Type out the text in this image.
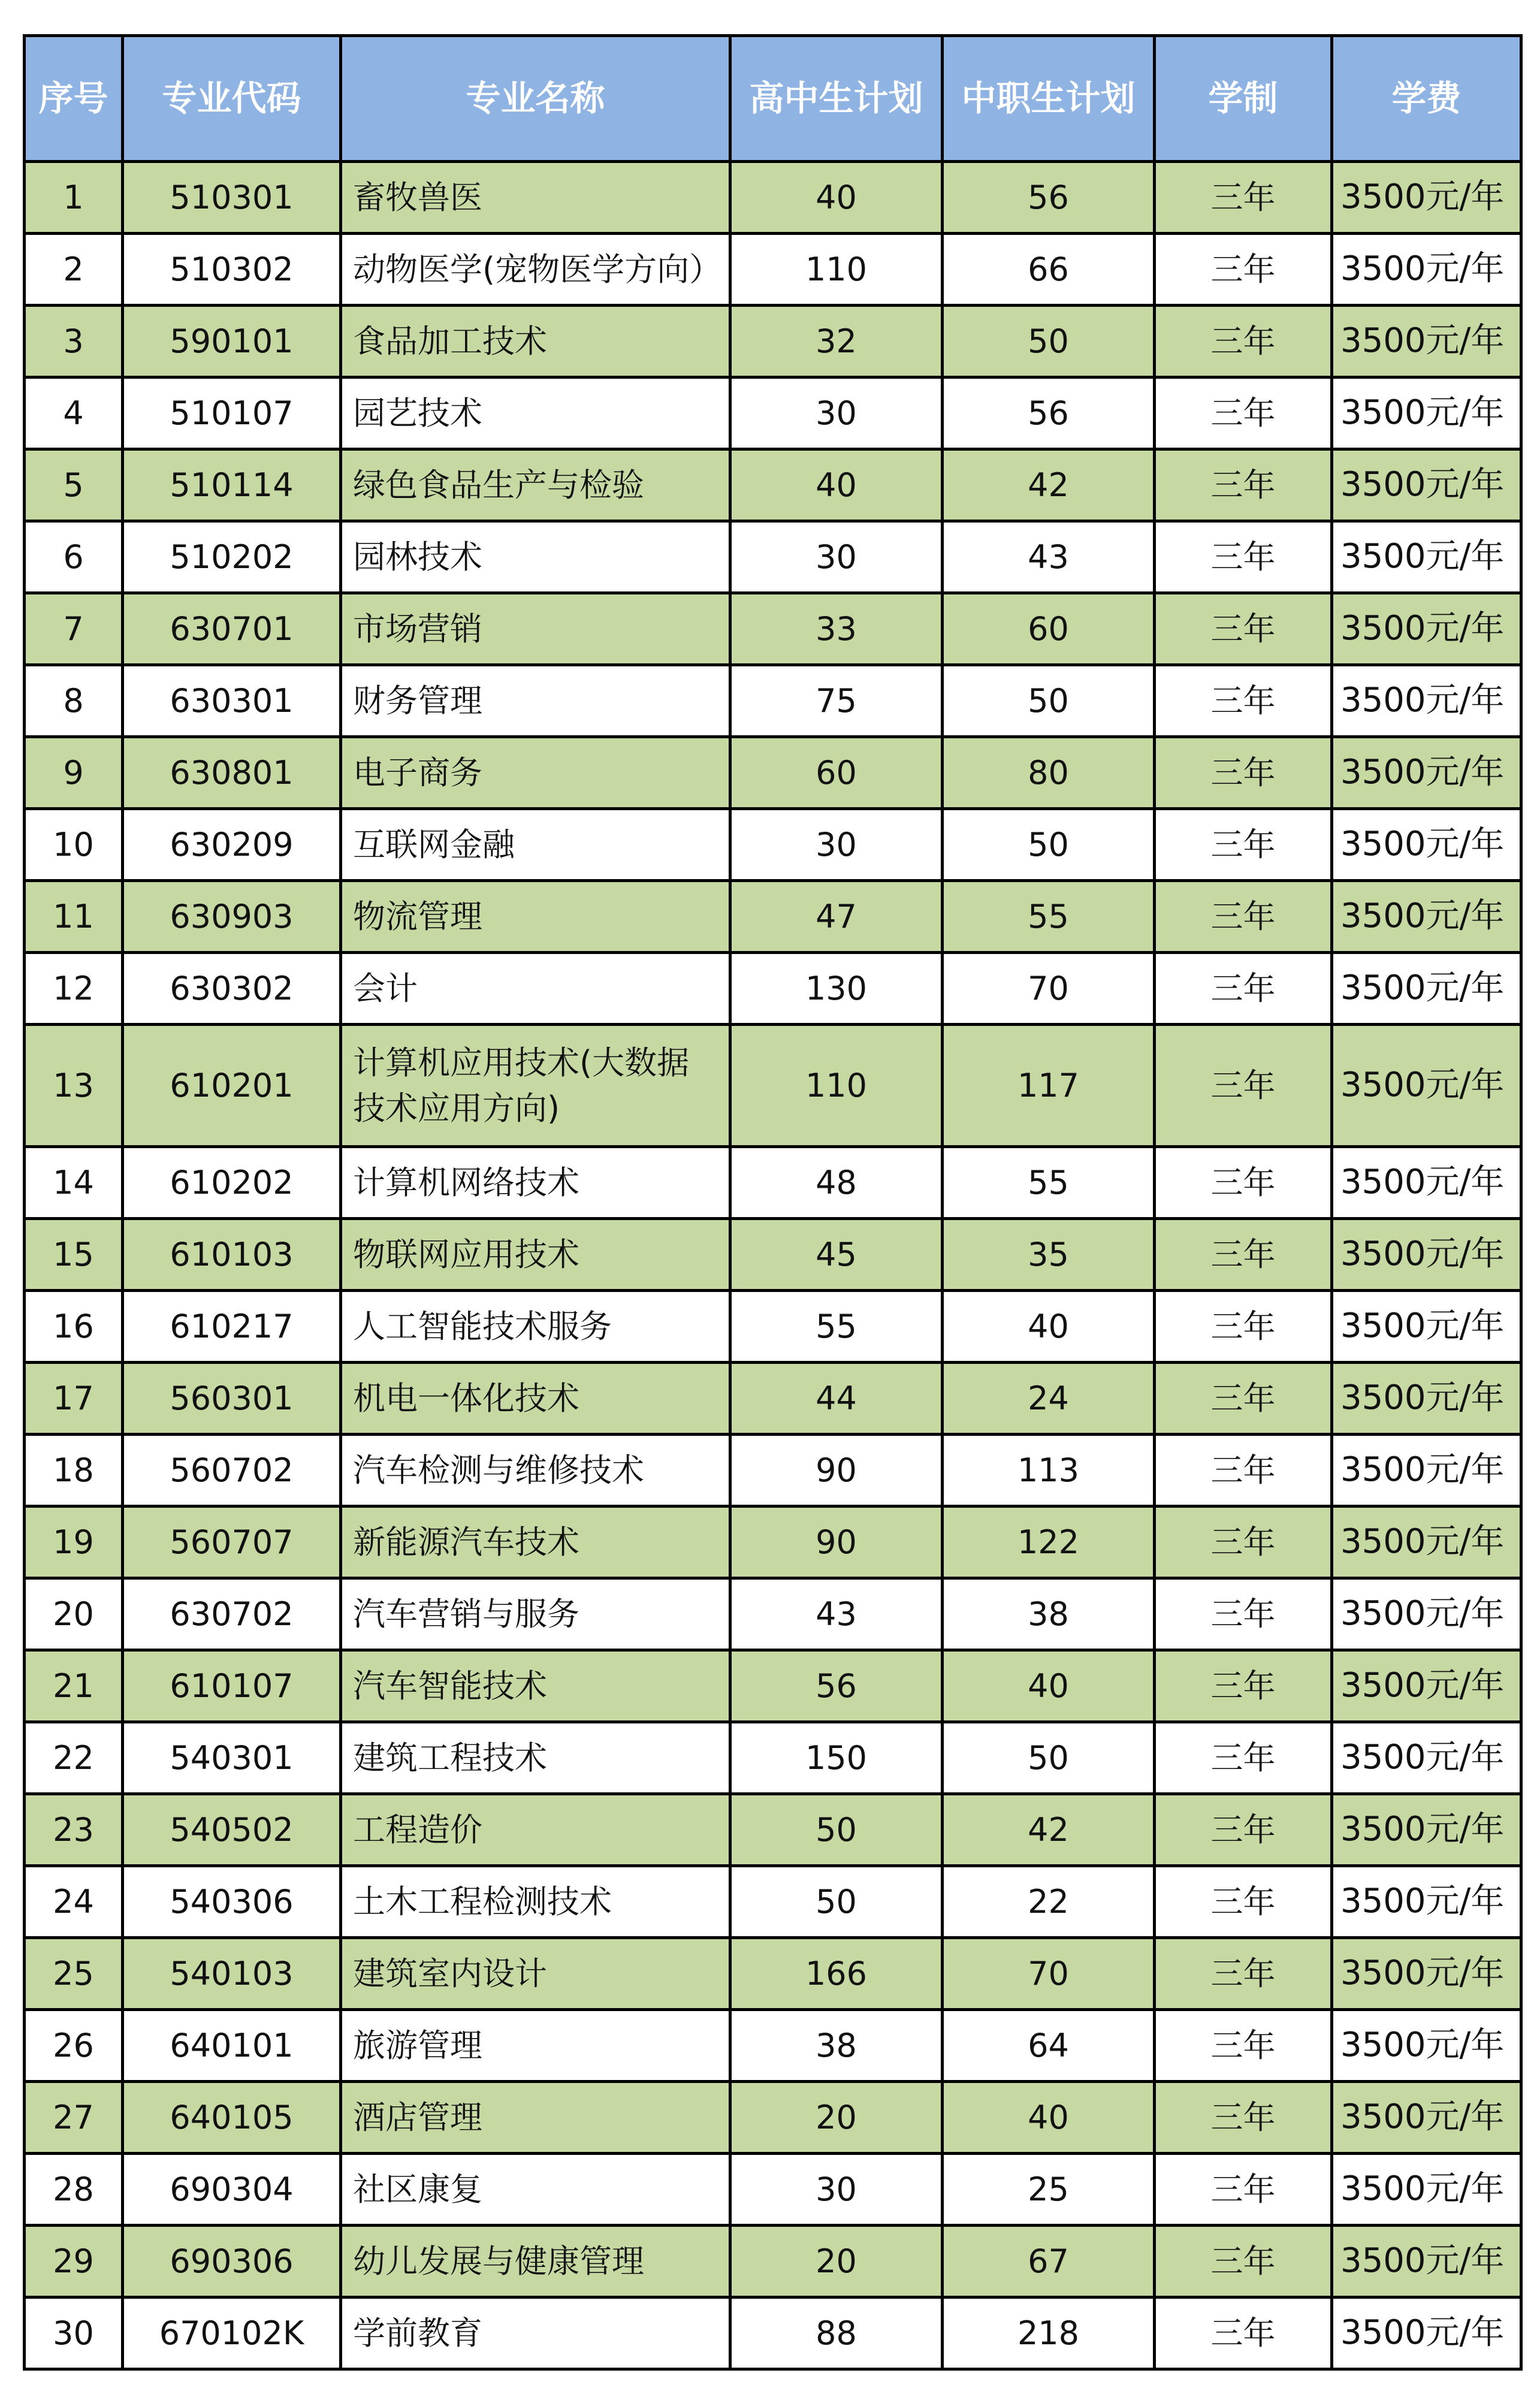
序号	专业代码	专业名称	高中生计划	中职生计划	学制	学费
1	510301	畜牧兽医	40	56	三年	3500元/年
2	510302	动物医学(宠物医学方向）	110	66	三年	3500元/年
3	590101	食品加工技术	32	50	三年	3500元/年
4	510107	园艺技术	30	56	三年	3500元/年
5	510114	绿色食品生产与检验	40	42	三年	3500元/年
6	510202	园林技术	30	43	三年	3500元/年
7	630701	市场营销	33	60	三年	3500元/年
8	630301	财务管理	75	50	三年	3500元/年
9	630801	电子商务	60	80	三年	3500元/年
10	630209	互联网金融	30	50	三年	3500元/年
11	630903	物流管理	47	55	三年	3500元/年
12	630302	会计	130	70	三年	3500元/年
13	610201	计算机应用技术(大数据技术应用方向)	110	117	三年	3500元/年
14	610202	计算机网络技术	48	55	三年	3500元/年
15	610103	物联网应用技术	45	35	三年	3500元/年
16	610217	人工智能技术服务	55	40	三年	3500元/年
17	560301	机电一体化技术	44	24	三年	3500元/年
18	560702	汽车检测与维修技术	90	113	三年	3500元/年
19	560707	新能源汽车技术	90	122	三年	3500元/年
20	630702	汽车营销与服务	43	38	三年	3500元/年
21	610107	汽车智能技术	56	40	三年	3500元/年
22	540301	建筑工程技术	150	50	三年	3500元/年
23	540502	工程造价	50	42	三年	3500元/年
24	540306	土木工程检测技术	50	22	三年	3500元/年
25	540103	建筑室内设计	166	70	三年	3500元/年
26	640101	旅游管理	38	64	三年	3500元/年
27	640105	酒店管理	20	40	三年	3500元/年
28	690304	社区康复	30	25	三年	3500元/年
29	690306	幼儿发展与健康管理	20	67	三年	3500元/年
30	670102K	学前教育	88	218	三年	3500元/年
